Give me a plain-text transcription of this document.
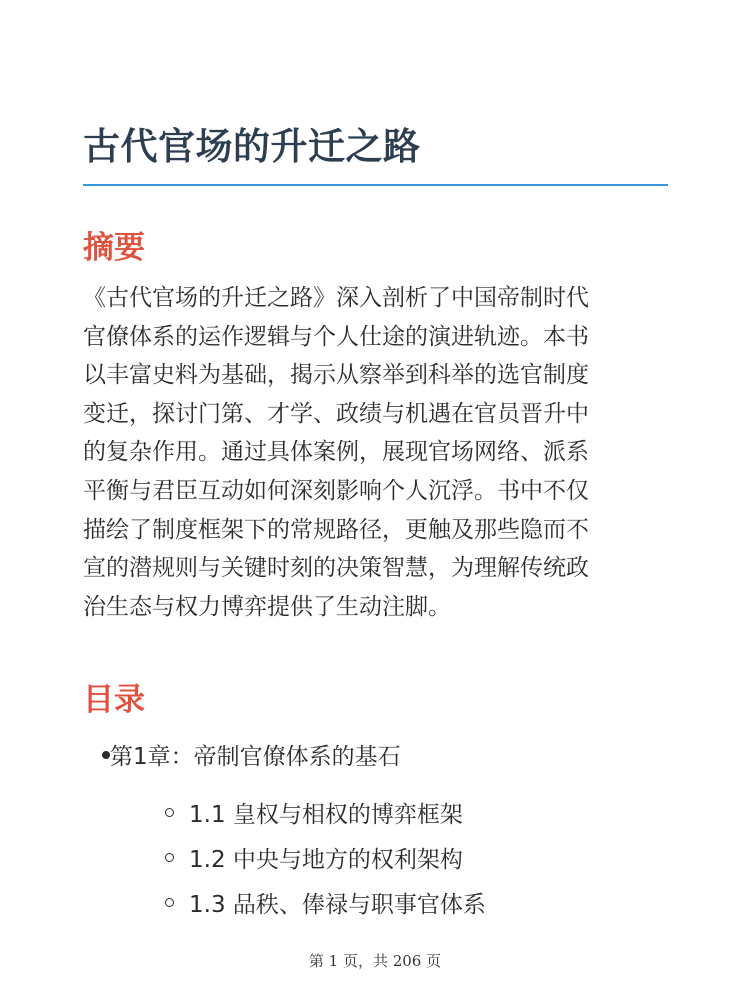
古代官场的升迁之路
摘要

《古代官场的升迁之路》深入剖析了中国帝制时代
官僚体系的运作逻辑与个人仕途的演进轨迹。本书
以丰富史料为基础，揭示从察举到科举的选官制度
变迁，探讨门第、才学、政绩与机遇在官员晋升中
的复杂作用。通过具体案例，展现官场网络、派系
平衡与君臣互动如何深刻影响个人沉浮。书中不仅
描绘了制度框架下的常规路径，更触及那些隐而不
宣的潜规则与关键时刻的决策智慧，为理解传统政
治生态与权力博弈提供了生动注脚。

目录
第1章：帝制官僚体系的基石
1.1 皇权与相权的博弈框架
1.2 中央与地方的权利架构
1.3 品秩、俸禄与职事官体系
第 1 页，共 206 页
